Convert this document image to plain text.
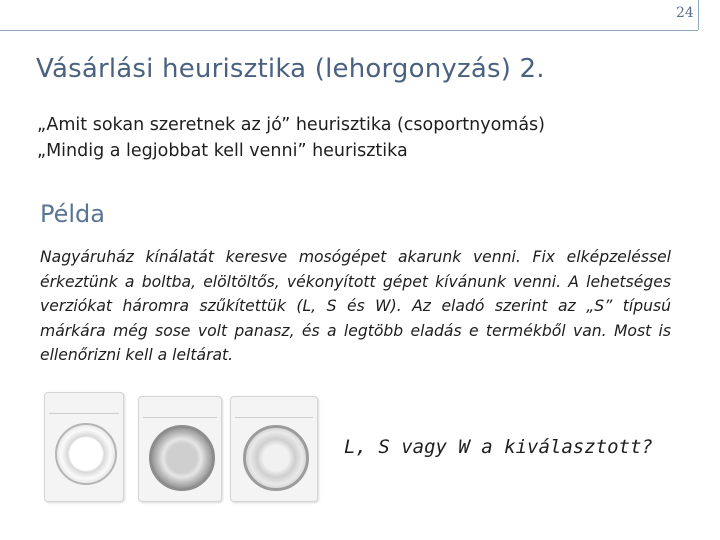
24
Vásárlási heurisztika (lehorgonyzás) 2.
„Amit sokan szeretnek az jó” heurisztika (csoportnyomás)
„Mindig a legjobbat kell venni” heurisztika
Példa
Nagyáruház kínálatát keresve mosógépet akarunk venni. Fix elképzeléssel érkeztünk a boltba, elöltöltős, vékonyított gépet kívánunk venni. A lehetséges verziókat háromra szűkítettük (L, S és W). Az eladó szerint az „S” típusú márkára még sose volt panasz, és a legtöbb eladás e termékből van. Most is ellenőrizni kell a leltárat.
L, S vagy W a kiválasztott?
